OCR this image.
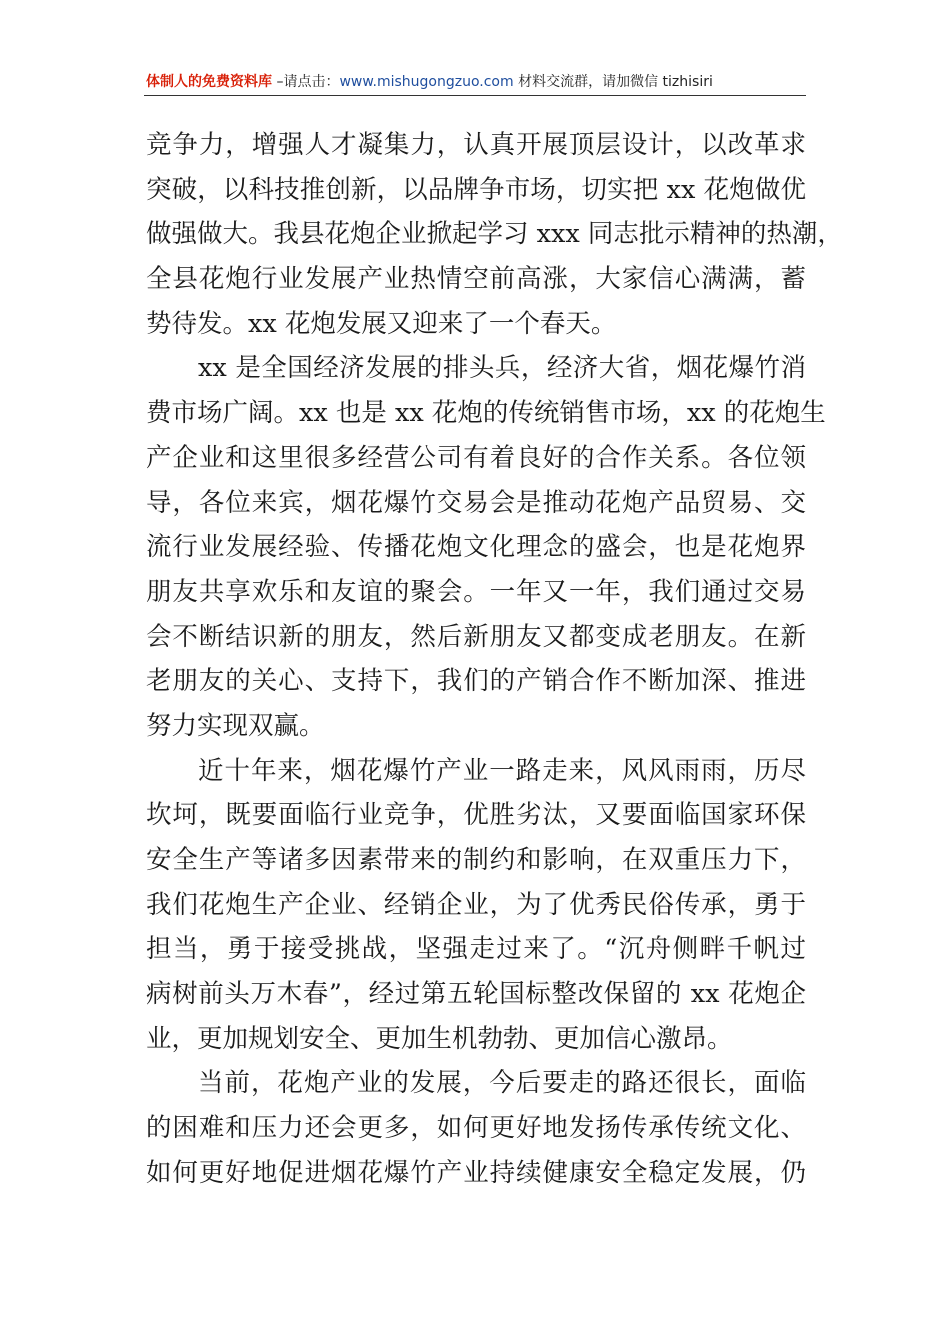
体制人的免费资料库 –请点击：www.mishugongzuo.com 材料交流群，请加微信 tizhisiri
竞争力，增强人才凝集力，认真开展顶层设计，以改革求
突破，以科技推创新，以品牌争市场，切实把 xx 花炮做优
做强做大。我县花炮企业掀起学习 xxx 同志批示精神的热潮，
全县花炮行业发展产业热情空前高涨，大家信心满满，蓄
势待发。xx 花炮发展又迎来了一个春天。
xx 是全国经济发展的排头兵，经济大省，烟花爆竹消
费市场广阔。xx 也是 xx 花炮的传统销售市场，xx 的花炮生
产企业和这里很多经营公司有着良好的合作关系。各位领
导，各位来宾，烟花爆竹交易会是推动花炮产品贸易、交
流行业发展经验、传播花炮文化理念的盛会，也是花炮界
朋友共享欢乐和友谊的聚会。一年又一年，我们通过交易
会不断结识新的朋友，然后新朋友又都变成老朋友。在新
老朋友的关心、支持下，我们的产销合作不断加深、推进
努力实现双赢。
近十年来，烟花爆竹产业一路走来，风风雨雨，历尽
坎坷，既要面临行业竞争，优胜劣汰，又要面临国家环保
安全生产等诸多因素带来的制约和影响，在双重压力下，
我们花炮生产企业、经销企业，为了优秀民俗传承，勇于
担当，勇于接受挑战，坚强走过来了。“沉舟侧畔千帆过
病树前头万木春”，经过第五轮国标整改保留的 xx 花炮企
业，更加规划安全、更加生机勃勃、更加信心激昂。
当前，花炮产业的发展，今后要走的路还很长，面临
的困难和压力还会更多，如何更好地发扬传承传统文化、
如何更好地促进烟花爆竹产业持续健康安全稳定发展，仍
